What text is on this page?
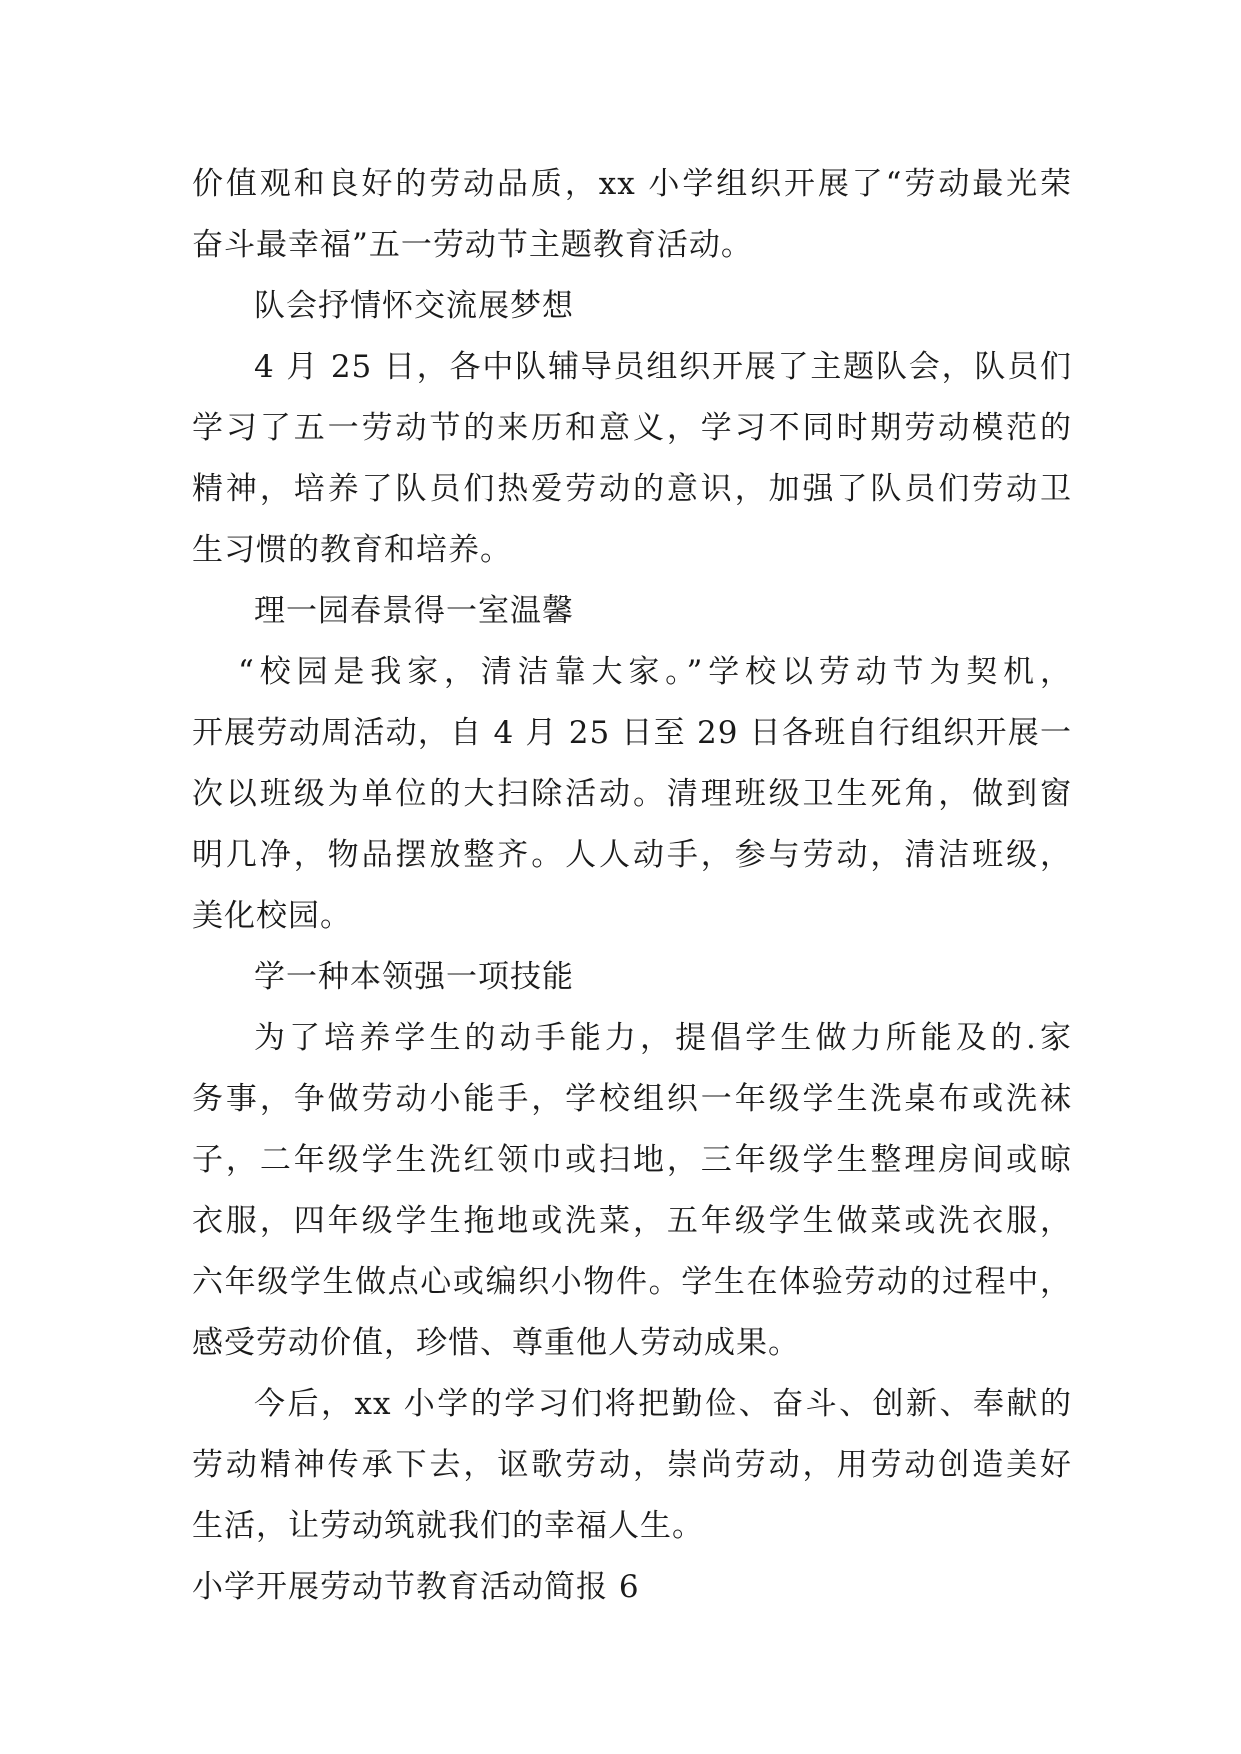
价值观和良好的劳动品质，xx 小学组织开展了“劳动最光荣
奋斗最幸福”五一劳动节主题教育活动。
队会抒情怀交流展梦想
4 月 25 日，各中队辅导员组织开展了主题队会，队员们
学习了五一劳动节的来历和意义，学习不同时期劳动模范的
精神，培养了队员们热爱劳动的意识，加强了队员们劳动卫
生习惯的教育和培养。
理一园春景得一室温馨
“校园是我家，清洁靠大家。”学校以劳动节为契机，
开展劳动周活动，自 4 月 25 日至 29 日各班自行组织开展一
次以班级为单位的大扫除活动。清理班级卫生死角，做到窗
明几净，物品摆放整齐。人人动手，参与劳动，清洁班级，
美化校园。
学一种本领强一项技能
为了培养学生的动手能力，提倡学生做力所能及的.家
务事，争做劳动小能手，学校组织一年级学生洗桌布或洗袜
子，二年级学生洗红领巾或扫地，三年级学生整理房间或晾
衣服，四年级学生拖地或洗菜，五年级学生做菜或洗衣服，
六年级学生做点心或编织小物件。学生在体验劳动的过程中，
感受劳动价值，珍惜、尊重他人劳动成果。
今后，xx 小学的学习们将把勤俭、奋斗、创新、奉献的
劳动精神传承下去，讴歌劳动，崇尚劳动，用劳动创造美好
生活，让劳动筑就我们的幸福人生。
小学开展劳动节教育活动简报 6
